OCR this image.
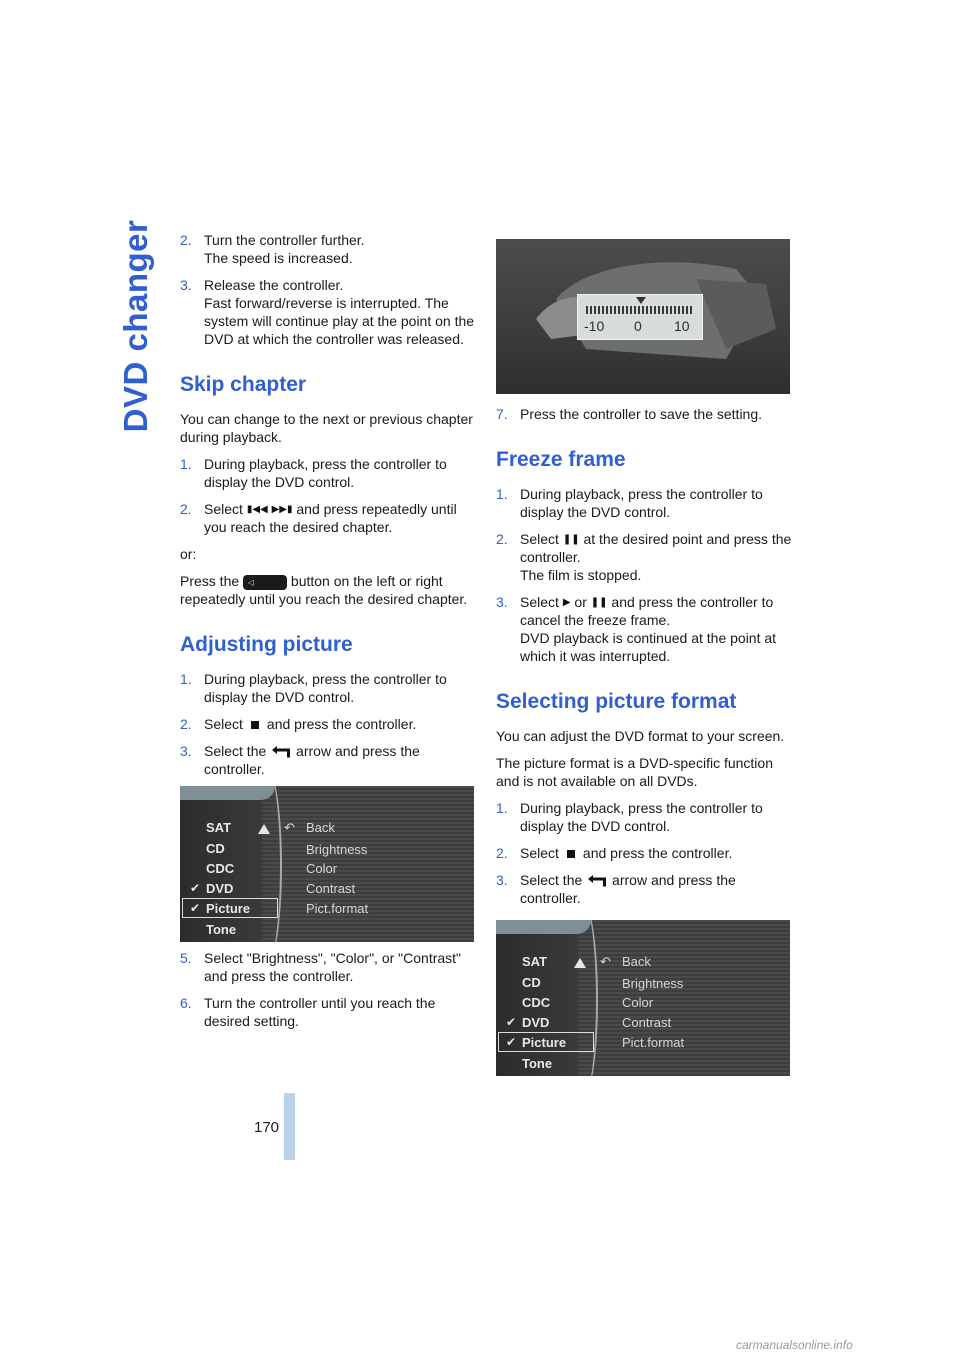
DVD changer 2. Turn the controller further.
The speed is increased.
3. Release the controller.
Fast forward/reverse is interrupted. The system will continue play at the point on the DVD at which the controller was released.
Skip chapter

You can change to the next or previous chapter during playback.

1. During playback, press the controller to display the DVD control.
2. Select ▮◀◀ ▶▶▮ and press repeatedly until you reach the desired chapter.

or:

Press the ◁	button on the left or right repeatedly until you reach the desired chapter.

Adjusting picture
1. During playback, press the controller to display the DVD control.
2. Select and press the controller.
3. Select the arrow and press the controller.
5. Select "Brightness", "Color", or "Contrast" and press the controller.
6. Turn the controller until you reach the desired setting.
SAT
CD
CDC
✔ DVD
✔ Picture
Tone
↶ Back
Brightness
Color
Contrast
Pict.format
-10 0 10
7. Press the controller to save the setting.
Freeze frame
1. During playback, press the controller to display the DVD control.
2. Select ❚❚ at the desired point and press the controller.
The film is stopped.
3. Select ▶ or ❚❚ and press the controller to cancel the freeze frame.
DVD playback is continued at the point at which it was interrupted.
Selecting picture format

You can adjust the DVD format to your screen.

The picture format is a DVD-specific function and is not available on all DVDs.

1. During playback, press the controller to display the DVD control.
2. Select and press the controller.
3. Select the arrow and press the controller.
SAT
CD
CDC
✔ DVD
✔ Picture
Tone
↶ Back
Brightness
Color
Contrast
Pict.format
170
carmanualsonline.info
